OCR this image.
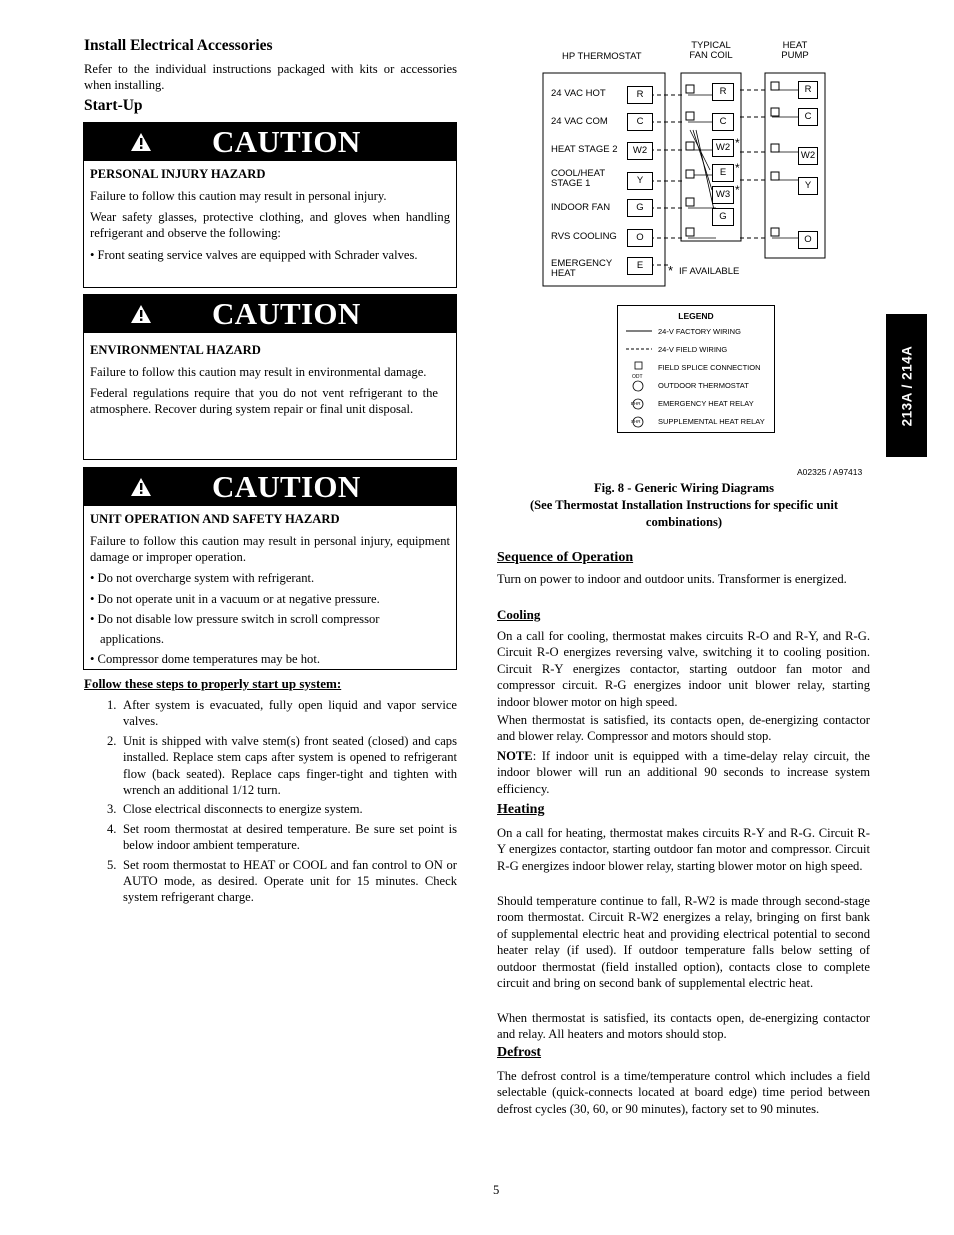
Install Electrical Accessories

Refer to the individual instructions packaged with kits or accessories when installing.

Start-Up
CAUTION

PERSONAL INJURY HAZARD

Failure to follow this caution may result in personal injury.

Wear safety glasses, protective clothing, and gloves when handling refrigerant and observe the following:

• Front seating service valves are equipped with Schrader valves.

CAUTION

ENVIRONMENTAL HAZARD

Failure to follow this caution may result in environmental damage.

Federal regulations require that you do not vent refrigerant to the atmosphere. Recover during system repair or final unit disposal.

CAUTION

UNIT OPERATION AND SAFETY HAZARD

Failure to follow this caution may result in personal injury, equipment damage or improper operation.

• Do not overcharge system with refrigerant.

• Do not operate unit in a vacuum or at negative pressure.

• Do not disable low pressure switch in scroll compressor

applications.

• Compressor dome temperatures may be hot.

Follow these steps to properly start up system:

1. After system is evacuated, fully open liquid and vapor service valves.
2. Unit is shipped with valve stem(s) front seated (closed) and caps installed. Replace stem caps after system is opened to refrigerant flow (back seated). Replace caps finger-tight and tighten with wrench an additional 1/12 turn.
3. Close electrical disconnects to energize system.
4. Set room thermostat at desired temperature. Be sure set point is below indoor ambient temperature.
5. Set room thermostat to HEAT or COOL and fan control to ON or AUTO mode, as desired. Operate unit for 15 minutes. Check system refrigerant charge.
HP THERMOSTAT
TYPICAL
FAN COIL
HEAT
PUMP
24 VAC HOT
24 VAC COM
HEAT STAGE 2
COOL/HEAT
STAGE 1
INDOOR FAN
RVS COOLING
EMERGENCY
HEAT
R
C
W2
Y
G
O
E
R
C
W2
E
W3
G
*
*
*
R
C
W2
Y
O
* IF AVAILABLE
LEGEND
ODT
EHR
SHR
24-V FACTORY WIRING
24-V FIELD WIRING
FIELD SPLICE CONNECTION
OUTDOOR THERMOSTAT
EMERGENCY HEAT RELAY
SUPPLEMENTAL HEAT RELAY
A02325 / A97413
Fig. 8 - Generic Wiring Diagrams
(See Thermostat Installation Instructions for specific unit combinations)

Sequence of Operation

Turn on power to indoor and outdoor units. Transformer is energized.

Cooling

On a call for cooling, thermostat makes circuits R-O and R-Y, and R-G. Circuit R-O energizes reversing valve, switching it to cooling position. Circuit R-Y energizes contactor, starting outdoor fan motor and compressor circuit. R-G energizes indoor unit blower relay, starting indoor blower motor on high speed.

When thermostat is satisfied, its contacts open, de-energizing contactor and blower relay. Compressor and motors should stop.

NOTE: If indoor unit is equipped with a time-delay relay circuit, the indoor blower will run an additional 90 seconds to increase system efficiency.

Heating

On a call for heating, thermostat makes circuits R-Y and R-G. Circuit R-Y energizes contactor, starting outdoor fan motor and compressor. Circuit R-G energizes indoor blower relay, starting blower motor on high speed.

Should temperature continue to fall, R-W2 is made through second-stage room thermostat. Circuit R-W2 energizes a relay, bringing on first bank of supplemental electric heat and providing electrical potential to second heater relay (if used). If outdoor temperature falls below setting of outdoor thermostat (field installed option), contacts close to complete circuit and bring on second bank of supplemental electric heat.

When thermostat is satisfied, its contacts open, de-energizing contactor and relay. All heaters and motors should stop.

Defrost

The defrost control is a time/temperature control which includes a field selectable (quick-connects located at board edge) time period between defrost cycles (30, 60, or 90 minutes), factory set to 90 minutes.

213A / 214A
5
